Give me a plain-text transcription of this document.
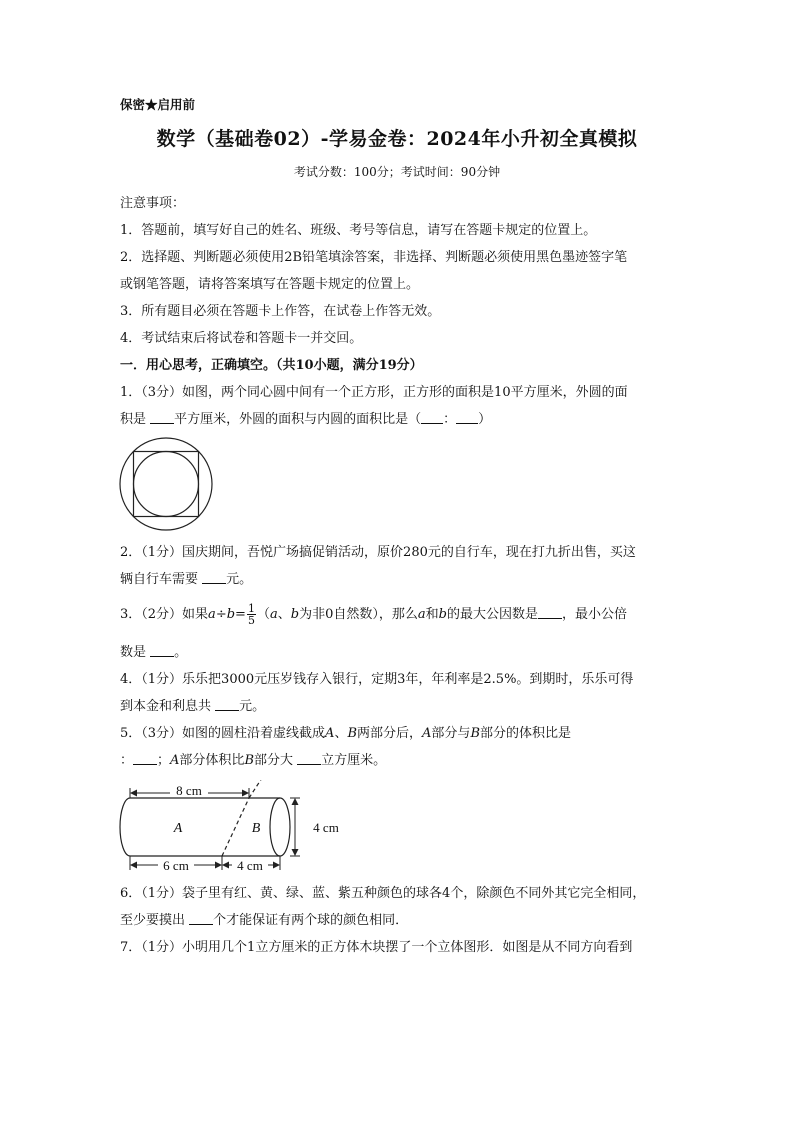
保密★启用前
数学（基础卷02）-学易金卷：2024年小升初全真模拟
考试分数：100分；考试时间：90分钟
注意事项：
1．答题前，填写好自己的姓名、班级、考号等信息，请写在答题卡规定的位置上。
2．选择题、判断题必须使用2B铅笔填涂答案，非选择、判断题必须使用黑色墨迹签字笔
或钢笔答题，请将答案填写在答题卡规定的位置上。
3．所有题目必须在答题卡上作答，在试卷上作答无效。
4．考试结束后将试卷和答题卡一并交回。
一．用心思考，正确填空。（共10小题，满分19分）
1．（3分）如图，两个同心圆中间有一个正方形，正方形的面积是10平方厘米，外圆的面
积是 平方厘米，外圆的面积与内圆的面积比是（ ： ）
2．（1分）国庆期间，吾悦广场搞促销活动，原价280元的自行车，现在打九折出售，买这
辆自行车需要 元。
3．（2分）如果$a\div b= \frac{1}{5} (a$、b为非0自然数），那么a和b的最大公因数是 ，最小公倍
数是 。
4．（1分）乐乐把3000元压岁钱存入银行，定期3年，年利率是2.5%。到期时，乐乐可得
到本金和利息共 元。
5．（3分）如图的圆柱沿着虚线截成A、B两部分后，A部分与B部分的体积比是
： ；A部分体积比B部分大 立方厘米。
8 cm
4 cm
6 cm	4 cm
A	B
6．（1分）袋子里有红、黄、绿、蓝、紫五种颜色的球各4个，除颜色不同外其它完全相同，
至少要摸出 个才能保证有两个球的颜色相同．
7．（1分）小明用几个1立方厘米的正方体木块摆了一个立体图形．如图是从不同方向看到
